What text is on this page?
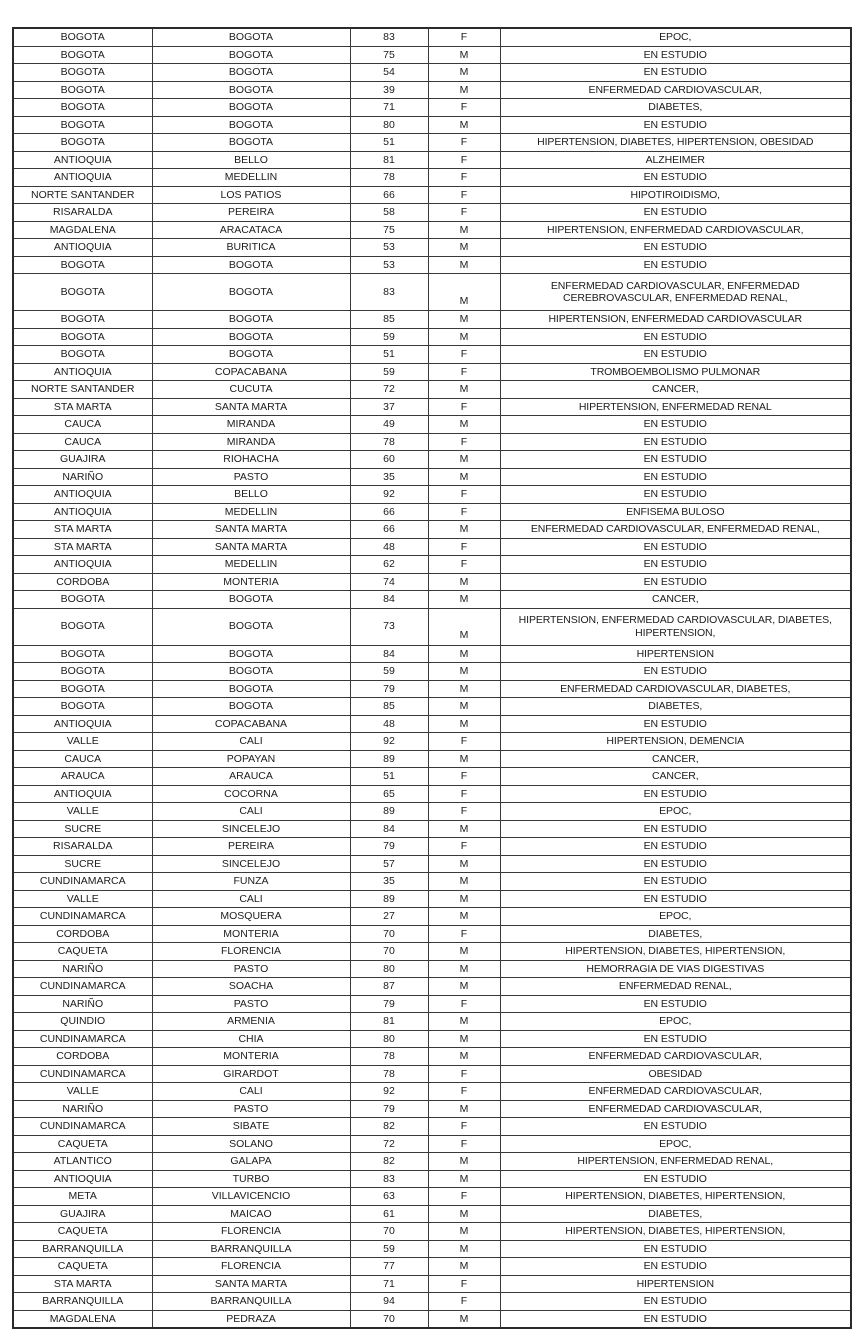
BOGOTA	BOGOTA	83	F	EPOC,
BOGOTA	BOGOTA	75	M	EN ESTUDIO
BOGOTA	BOGOTA	54	M	EN ESTUDIO
BOGOTA	BOGOTA	39	M	ENFERMEDAD CARDIOVASCULAR,
BOGOTA	BOGOTA	71	F	DIABETES,
BOGOTA	BOGOTA	80	M	EN ESTUDIO
BOGOTA	BOGOTA	51	F	HIPERTENSION, DIABETES, HIPERTENSION, OBESIDAD
ANTIOQUIA	BELLO	81	F	ALZHEIMER
ANTIOQUIA	MEDELLIN	78	F	EN ESTUDIO
NORTE SANTANDER	LOS PATIOS	66	F	HIPOTIROIDISMO,
RISARALDA	PEREIRA	58	F	EN ESTUDIO
MAGDALENA	ARACATACA	75	M	HIPERTENSION, ENFERMEDAD CARDIOVASCULAR,
ANTIOQUIA	BURITICA	53	M	EN ESTUDIO
BOGOTA	BOGOTA	53	M	EN ESTUDIO
BOGOTA	BOGOTA	83	M	ENFERMEDAD CARDIOVASCULAR, ENFERMEDAD CEREBROVASCULAR, ENFERMEDAD RENAL,
BOGOTA	BOGOTA	85	M	HIPERTENSION, ENFERMEDAD CARDIOVASCULAR
BOGOTA	BOGOTA	59	M	EN ESTUDIO
BOGOTA	BOGOTA	51	F	EN ESTUDIO
ANTIOQUIA	COPACABANA	59	F	TROMBOEMBOLISMO PULMONAR
NORTE SANTANDER	CUCUTA	72	M	CANCER,
STA MARTA	SANTA MARTA	37	F	HIPERTENSION, ENFERMEDAD RENAL
CAUCA	MIRANDA	49	M	EN ESTUDIO
CAUCA	MIRANDA	78	F	EN ESTUDIO
GUAJIRA	RIOHACHA	60	M	EN ESTUDIO
NARIÑO	PASTO	35	M	EN ESTUDIO
ANTIOQUIA	BELLO	92	F	EN ESTUDIO
ANTIOQUIA	MEDELLIN	66	F	ENFISEMA BULOSO
STA MARTA	SANTA MARTA	66	M	ENFERMEDAD CARDIOVASCULAR, ENFERMEDAD RENAL,
STA MARTA	SANTA MARTA	48	F	EN ESTUDIO
ANTIOQUIA	MEDELLIN	62	F	EN ESTUDIO
CORDOBA	MONTERIA	74	M	EN ESTUDIO
BOGOTA	BOGOTA	84	M	CANCER,
BOGOTA	BOGOTA	73	M	HIPERTENSION, ENFERMEDAD CARDIOVASCULAR, DIABETES, HIPERTENSION,
BOGOTA	BOGOTA	84	M	HIPERTENSION
BOGOTA	BOGOTA	59	M	EN ESTUDIO
BOGOTA	BOGOTA	79	M	ENFERMEDAD CARDIOVASCULAR, DIABETES,
BOGOTA	BOGOTA	85	M	DIABETES,
ANTIOQUIA	COPACABANA	48	M	EN ESTUDIO
VALLE	CALI	92	F	HIPERTENSION, DEMENCIA
CAUCA	POPAYAN	89	M	CANCER,
ARAUCA	ARAUCA	51	F	CANCER,
ANTIOQUIA	COCORNA	65	F	EN ESTUDIO
VALLE	CALI	89	F	EPOC,
SUCRE	SINCELEJO	84	M	EN ESTUDIO
RISARALDA	PEREIRA	79	F	EN ESTUDIO
SUCRE	SINCELEJO	57	M	EN ESTUDIO
CUNDINAMARCA	FUNZA	35	M	EN ESTUDIO
VALLE	CALI	89	M	EN ESTUDIO
CUNDINAMARCA	MOSQUERA	27	M	EPOC,
CORDOBA	MONTERIA	70	F	DIABETES,
CAQUETA	FLORENCIA	70	M	HIPERTENSION, DIABETES, HIPERTENSION,
NARIÑO	PASTO	80	M	HEMORRAGIA DE VIAS DIGESTIVAS
CUNDINAMARCA	SOACHA	87	M	ENFERMEDAD RENAL,
NARIÑO	PASTO	79	F	EN ESTUDIO
QUINDIO	ARMENIA	81	M	EPOC,
CUNDINAMARCA	CHIA	80	M	EN ESTUDIO
CORDOBA	MONTERIA	78	M	ENFERMEDAD CARDIOVASCULAR,
CUNDINAMARCA	GIRARDOT	78	F	OBESIDAD
VALLE	CALI	92	F	ENFERMEDAD CARDIOVASCULAR,
NARIÑO	PASTO	79	M	ENFERMEDAD CARDIOVASCULAR,
CUNDINAMARCA	SIBATE	82	F	EN ESTUDIO
CAQUETA	SOLANO	72	F	EPOC,
ATLANTICO	GALAPA	82	M	HIPERTENSION, ENFERMEDAD RENAL,
ANTIOQUIA	TURBO	83	M	EN ESTUDIO
META	VILLAVICENCIO	63	F	HIPERTENSION, DIABETES, HIPERTENSION,
GUAJIRA	MAICAO	61	M	DIABETES,
CAQUETA	FLORENCIA	70	M	HIPERTENSION, DIABETES, HIPERTENSION,
BARRANQUILLA	BARRANQUILLA	59	M	EN ESTUDIO
CAQUETA	FLORENCIA	77	M	EN ESTUDIO
STA MARTA	SANTA MARTA	71	F	HIPERTENSION
BARRANQUILLA	BARRANQUILLA	94	F	EN ESTUDIO
MAGDALENA	PEDRAZA	70	M	EN ESTUDIO
